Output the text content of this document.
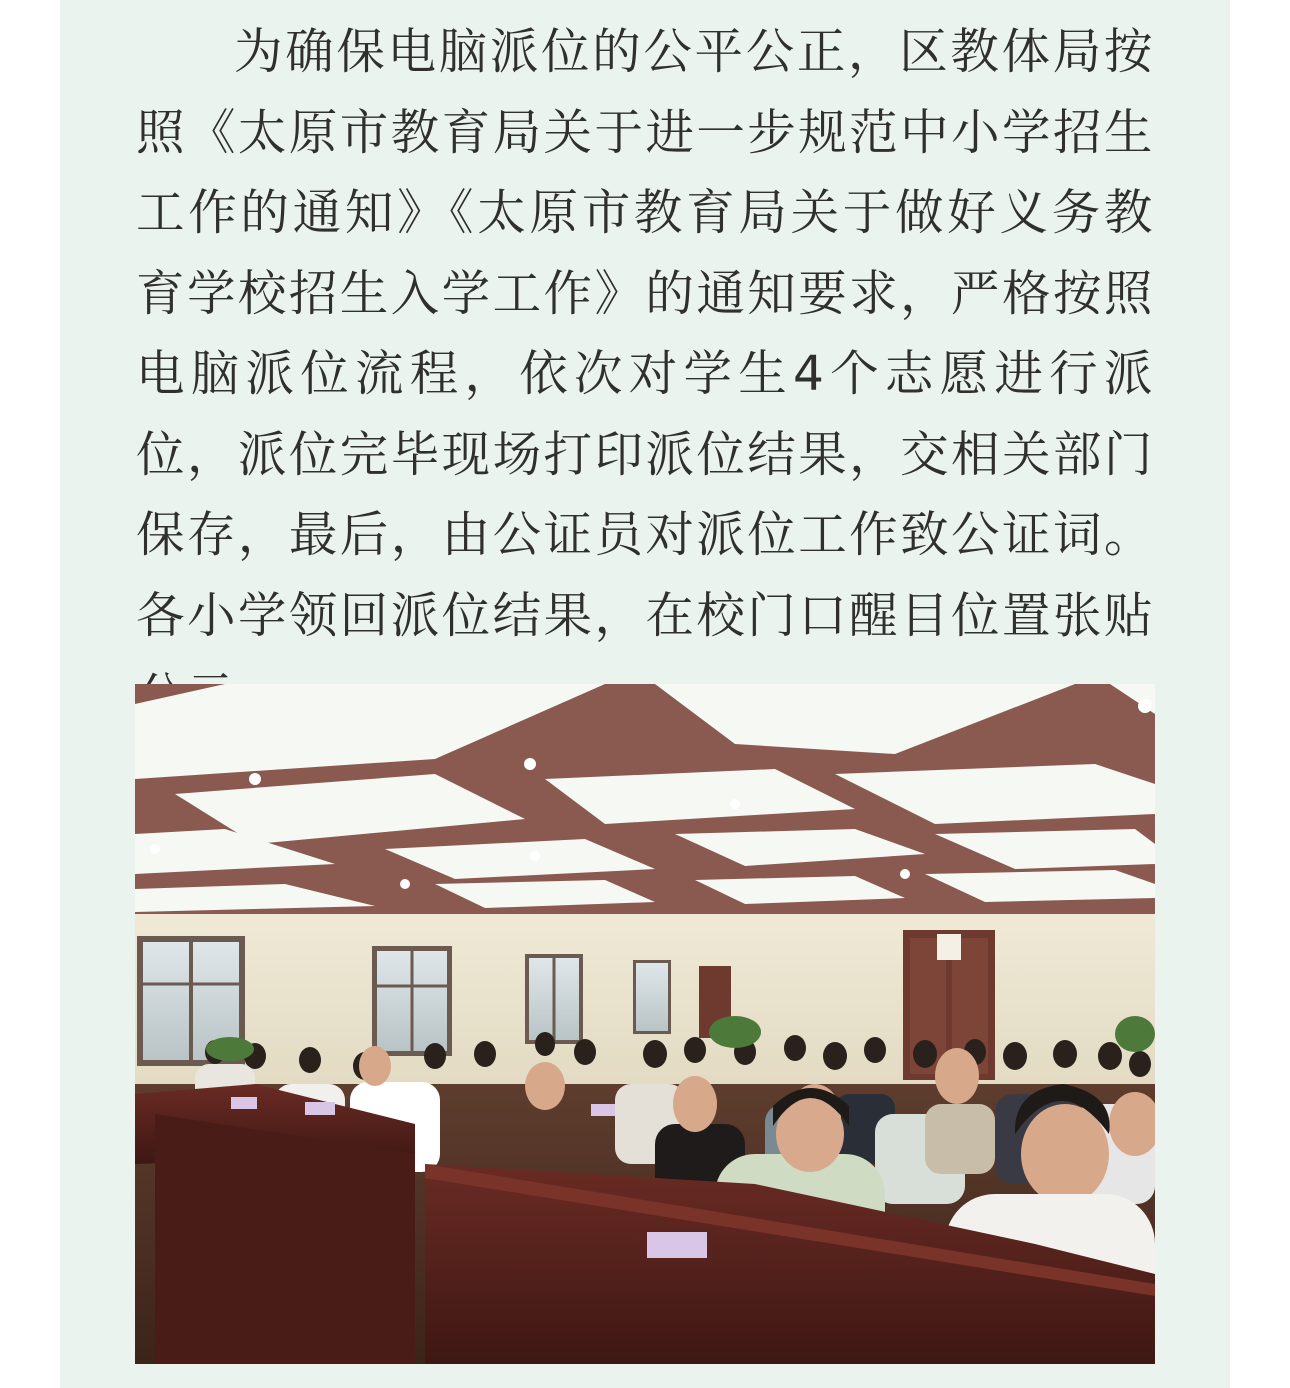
为确保电脑派位的公平公正，区教体局按照《太原市教育局关于进一步规范中小学招生工作的通知》《太原市教育局关于做好义务教育学校招生入学工作》的通知要求，严格按照电脑派位流程，依次对学生4个志愿进行派位，派位完毕现场打印派位结果，交相关部门保存，最后，由公证员对派位工作致公证词。各小学领回派位结果，在校门口醒目位置张贴
